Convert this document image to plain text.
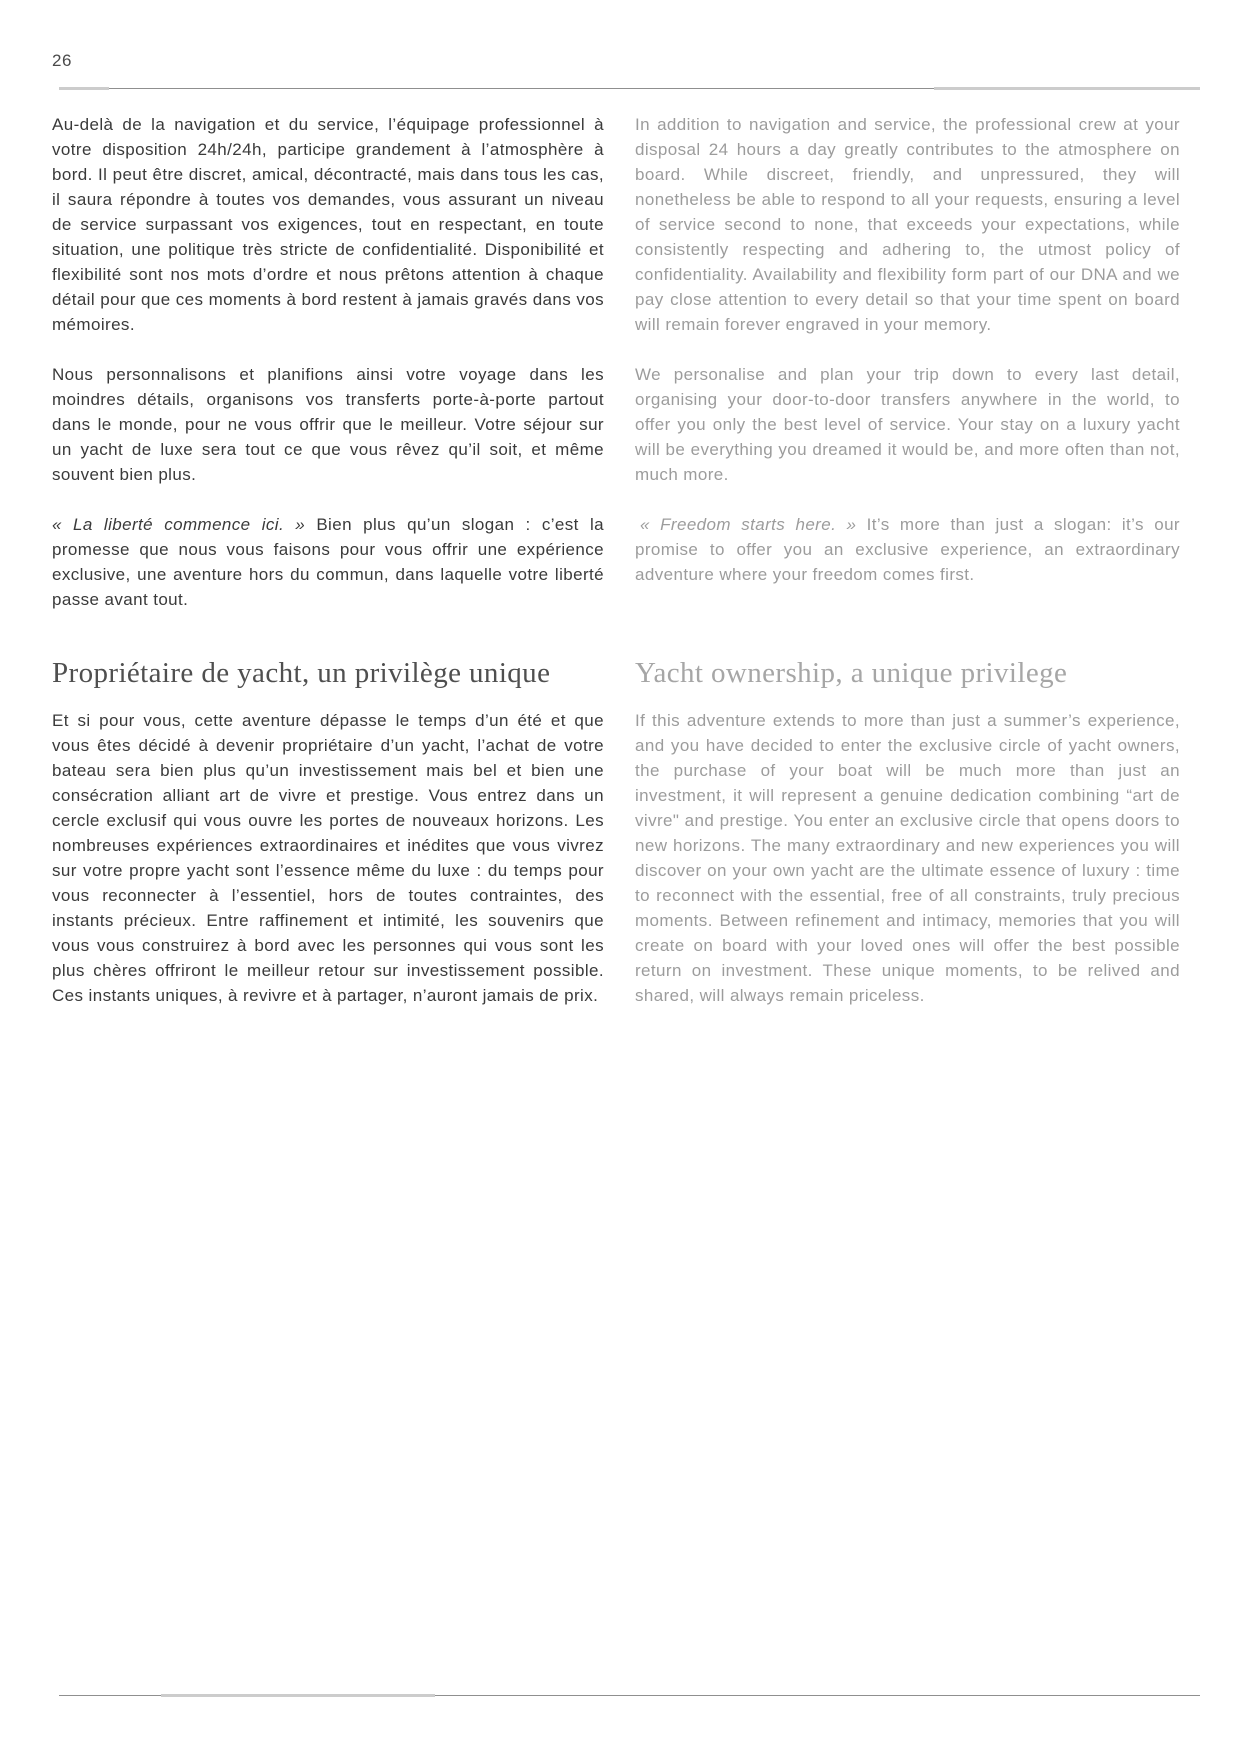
26

Au-delà de la navigation et du service, l’équipage professionnel à votre disposition 24h/24h, participe grandement à l’atmosphère à bord. Il peut être discret, amical, décontracté, mais dans tous les cas, il saura répondre à toutes vos demandes, vous assurant un niveau de service surpassant vos exigences, tout en respectant, en toute situation, une politique très stricte de confidentialité. Disponibilité et flexibilité sont nos mots d’ordre et nous prêtons attention à chaque détail pour que ces moments à bord restent à jamais gravés dans vos mémoires.

Nous personnalisons et planifions ainsi votre voyage dans les moindres détails, organisons vos transferts porte-à-porte partout dans le monde, pour ne vous offrir que le meilleur. Votre séjour sur un yacht de luxe sera tout ce que vous rêvez qu’il soit, et même souvent bien plus.

« La liberté commence ici. » Bien plus qu’un slogan : c’est la promesse que nous vous faisons pour vous offrir une expérience exclusive, une aventure hors du commun, dans laquelle votre liberté passe avant tout.

Propriétaire de yacht, un privilège unique

Et si pour vous, cette aventure dépasse le temps d’un été et que vous êtes décidé à devenir propriétaire d’un yacht, l’achat de votre bateau sera bien plus qu’un investissement mais bel et bien une consécration alliant art de vivre et prestige. Vous entrez dans un cercle exclusif qui vous ouvre les portes de nouveaux horizons. Les nombreuses expériences extraordinaires et inédites que vous vivrez sur votre propre yacht sont l’essence même du luxe : du temps pour vous reconnecter à l’essentiel, hors de toutes contraintes, des instants précieux. Entre raffinement et intimité, les souvenirs que vous vous construirez à bord avec les personnes qui vous sont les plus chères offriront le meilleur retour sur investissement possible. Ces instants uniques, à revivre et à partager, n’auront jamais de prix.

In addition to navigation and service, the professional crew at your disposal 24 hours a day greatly contributes to the atmosphere on board. While discreet, friendly, and unpressured, they will nonetheless be able to respond to all your requests, ensuring a level of service second to none, that exceeds your expectations, while consistently respecting and adhering to, the utmost policy of confidentiality. Availability and flexibility form part of our DNA and we pay close attention to every detail so that your time spent on board will remain forever engraved in your memory.

We personalise and plan your trip down to every last detail, organising your door-to-door transfers anywhere in the world, to offer you only the best level of service. Your stay on a luxury yacht will be everything you dreamed it would be, and more often than not, much more.

« Freedom starts here. » It’s more than just a slogan: it’s our promise to offer you an exclusive experience, an extraordinary adventure where your freedom comes first.

Yacht ownership, a unique privilege

If this adventure extends to more than just a summer’s experience, and you have decided to enter the exclusive circle of yacht owners, the purchase of your boat will be much more than just an investment, it will represent a genuine dedication combining “art de vivre" and prestige. You enter an exclusive circle that opens doors to new horizons. The many extraordinary and new experiences you will discover on your own yacht are the ultimate essence of luxury : time to reconnect with the essential, free of all constraints, truly precious moments. Between refinement and intimacy, memories that you will create on board with your loved ones will offer the best possible return on investment. These unique moments, to be relived and shared, will always remain priceless.
